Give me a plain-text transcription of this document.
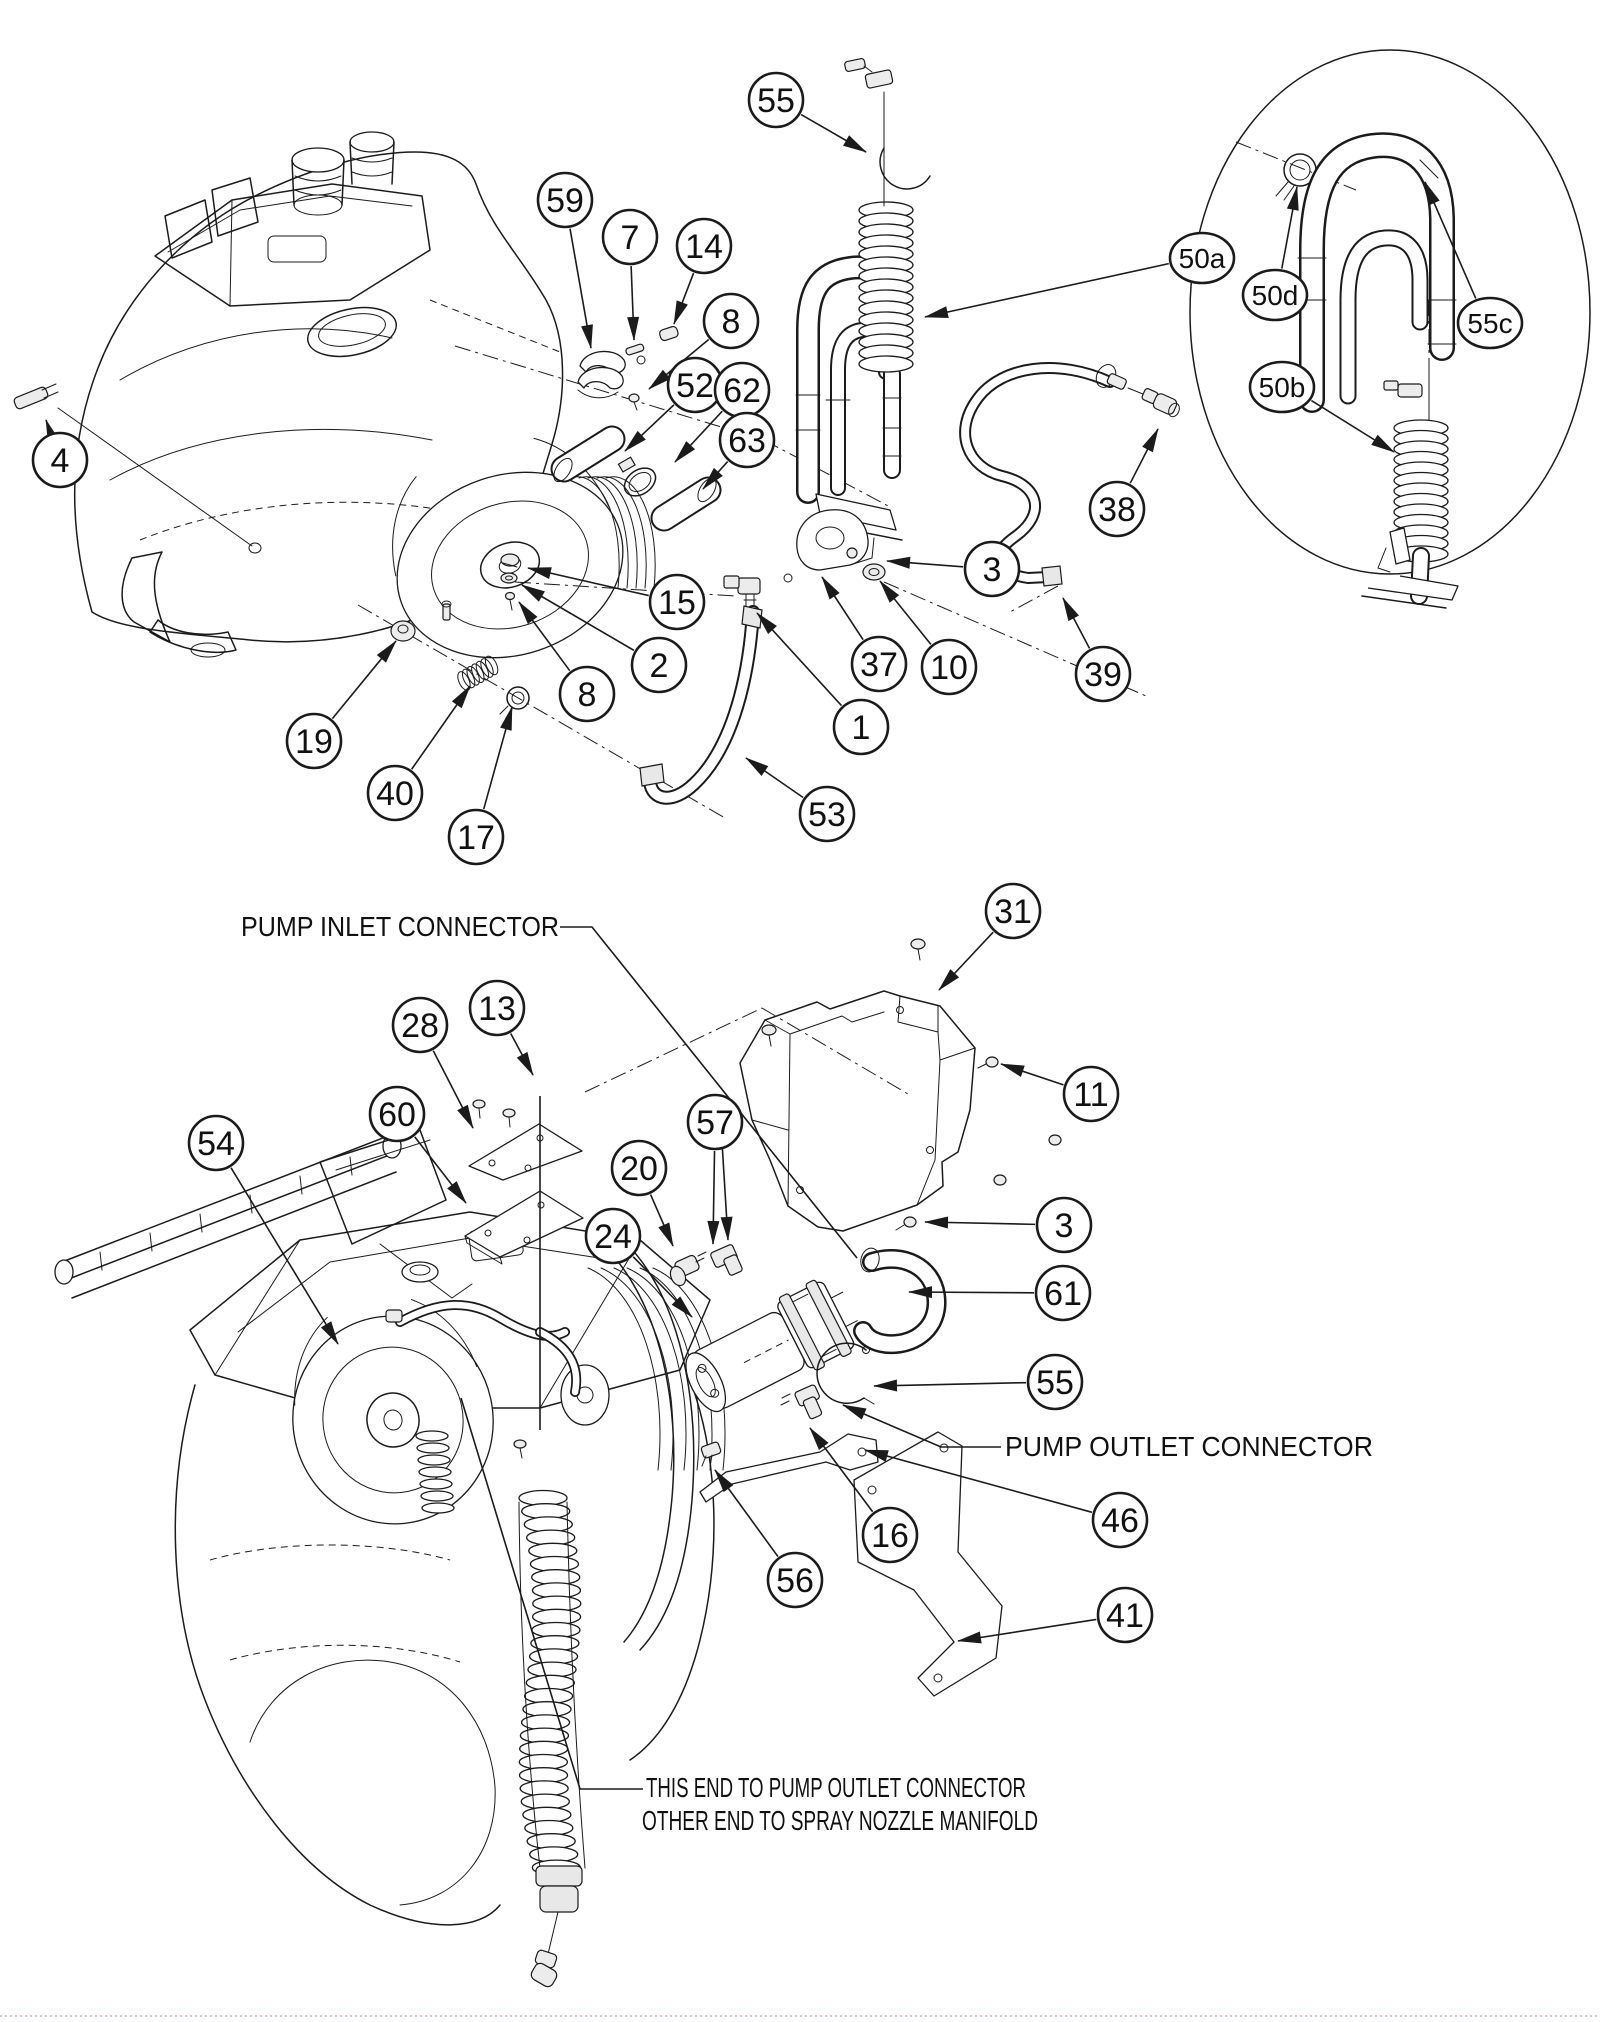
PUMP INLET CONNECTOR
PUMP OUTLET CONNECTOR
THIS END TO PUMP OUTLET CONNECTOR
OTHER END TO SPRAY NOZZLE MANIFOLD
55
59
7 14
8
52 62
63
50a
50d
55c
50b
38
3
37 10	39
15
2
8
1
19
40
17
53
4
28 13
60
54
20
57
24
31
11
3
61
55
16	46
56
41
